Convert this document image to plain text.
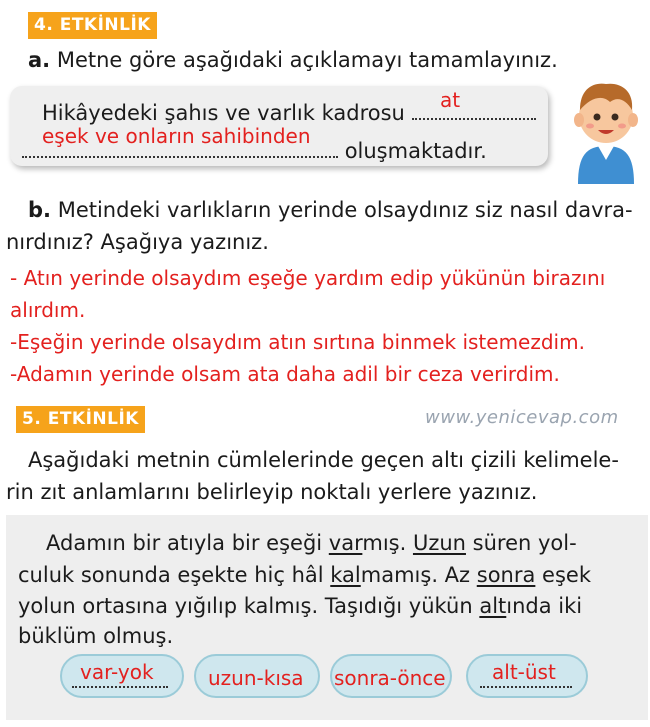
4. ETKİNLİK
a. Metne göre aşağıdaki açıklamayı tamamlayınız.
Hikâyedeki şahıs ve varlık kadrosu
at
oluşmaktadır.
eşek ve onların sahibinden
b. Metindeki varlıkların yerinde olsaydınız siz nasıl davra-
nırdınız? Aşağıya yazınız.
- Atın yerinde olsaydım eşeğe yardım edip yükünün birazını
alırdım.
-Eşeğin yerinde olsaydım atın sırtına binmek istemezdim.
-Adamın yerinde olsam ata daha adil bir ceza verirdim.
5. ETKİNLİK	www.yenicevap.com
Aşağıdaki metnin cümlelerinde geçen altı çizili kelimele-
rin zıt anlamlarını belirleyip noktalı yerlere yazınız.
Adamın bir atıyla bir eşeği varmış. Uzun süren yol-
culuk sonunda eşekte hiç hâl kalmamış. Az sonra eşek
yolun ortasına yığılıp kalmış. Taşıdığı yükün altında iki
büklüm olmuş.
var-yok	uzun-kısa sonra-önce alt-üst
